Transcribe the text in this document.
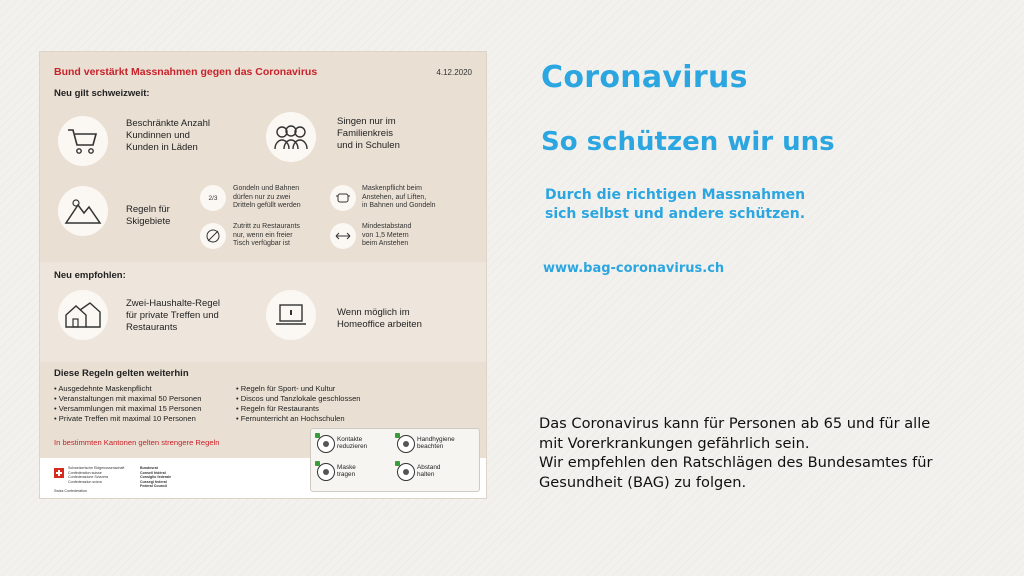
Bund verstärkt Massnahmen gegen das Coronavirus	4.12.2020
Neu gilt schweizweit:
Beschränkte Anzahl
Kundinnen und
Kunden in Läden
Singen nur im
Familienkreis
und in Schulen
Regeln für
Skigebiete
2/3
Gondeln und Bahnen
dürfen nur zu zwei
Dritteln gefüllt werden
Maskenpflicht beim
Anstehen, auf Liften,
in Bahnen und Gondeln
Zutritt zu Restaurants
nur, wenn ein freier
Tisch verfügbar ist
Mindestabstand
von 1,5 Metern
beim Anstehen
Neu empfohlen:
Zwei-Haushalte-Regel
für private Treffen und
Restaurants
Wenn möglich im
Homeoffice arbeiten
Diese Regeln gelten weiterhin
• Ausgedehnte Maskenpflicht
• Veranstaltungen mit maximal 50 Personen
• Versammlungen mit maximal 15 Personen
• Private Treffen mit maximal 10 Personen
• Regeln für Sport- und Kultur
• Discos und Tanzlokale geschlossen
• Regeln für Restaurants
• Fernunterricht an Hochschulen
In bestimmten Kantonen gelten strengere Regeln
Schweizerische Eidgenossenschaft
Confédération suisse
Confederazione Svizzera
Confederaziun svizra
Swiss Confederation
Bundesrat
Conseil fédéral
Consiglio federale
Cussegl federal
Federal Council
Kontakte
reduzieren
Handhygiene
beachten
Maske
tragen
Abstand
halten
Coronavirus
So schützen wir uns
Durch die richtigen Massnahmen
sich selbst und andere schützen.
www.bag-coronavirus.ch
Das Coronavirus kann für Personen ab 65 und für alle
mit Vorerkrankungen gefährlich sein.
Wir empfehlen den Ratschlägen des Bundesamtes für
Gesundheit (BAG) zu folgen.
